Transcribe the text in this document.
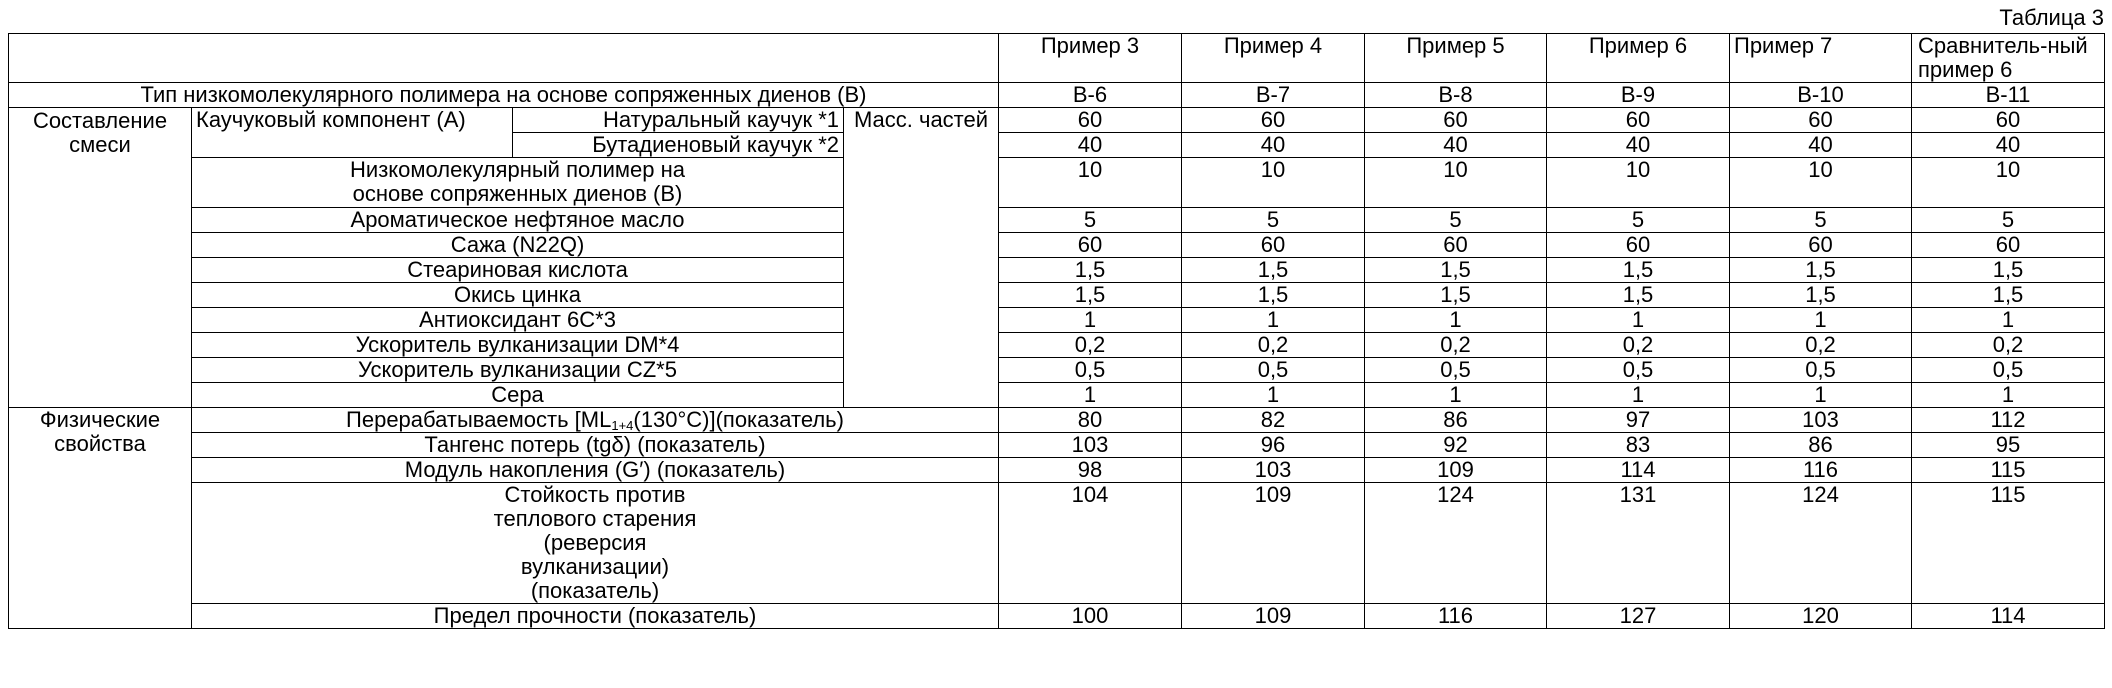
Таблица 3
				Пример 3	Пример 4	Пример 5	Пример 6	Пример 7	Сравнитель-ный пример 6
Тип низкомолекулярного полимера на основе сопряженных диенов (В)				B-6	B-7	B-8	B-9	B-10	B-11
Составление смеси	Каучуковый компонент (А)	Натуральный каучук *1	Масс. частей	60	60	60	60	60	60
		Бутадиеновый каучук *2		40	40	40	40	40	40
	Низкомолекулярный полимер на основе сопряженных диенов (В)			10	10	10	10	10	10
	Ароматическое нефтяное масло			5	5	5	5	5	5
	Сажа (N22Q)			60	60	60	60	60	60
	Стеариновая кислота			1,5	1,5	1,5	1,5	1,5	1,5
	Окись цинка			1,5	1,5	1,5	1,5	1,5	1,5
	Антиоксидант 6С*3			1	1	1	1	1	1
	Ускоритель вулканизации DM*4			0,2	0,2	0,2	0,2	0,2	0,2
	Ускоритель вулканизации CZ*5			0,5	0,5	0,5	0,5	0,5	0,5
	Сера			1	1	1	1	1	1
Физические свойства	Перерабатываемость $[ML_{1+4}(130^\circ C)](показатель)$			80	82	86	97	103	112
	Тангенс потерь (tgδ) (показатель)			103	96	92	83	86	95
	Модуль накопления (G′) (показатель)			98	103	109	114	116	115
	Стойкость против теплового старения (реверсия вулканизации) (показатель)			104	109	124	131	124	115
	Предел прочности (показатель)			100	109	116	127	120	114
